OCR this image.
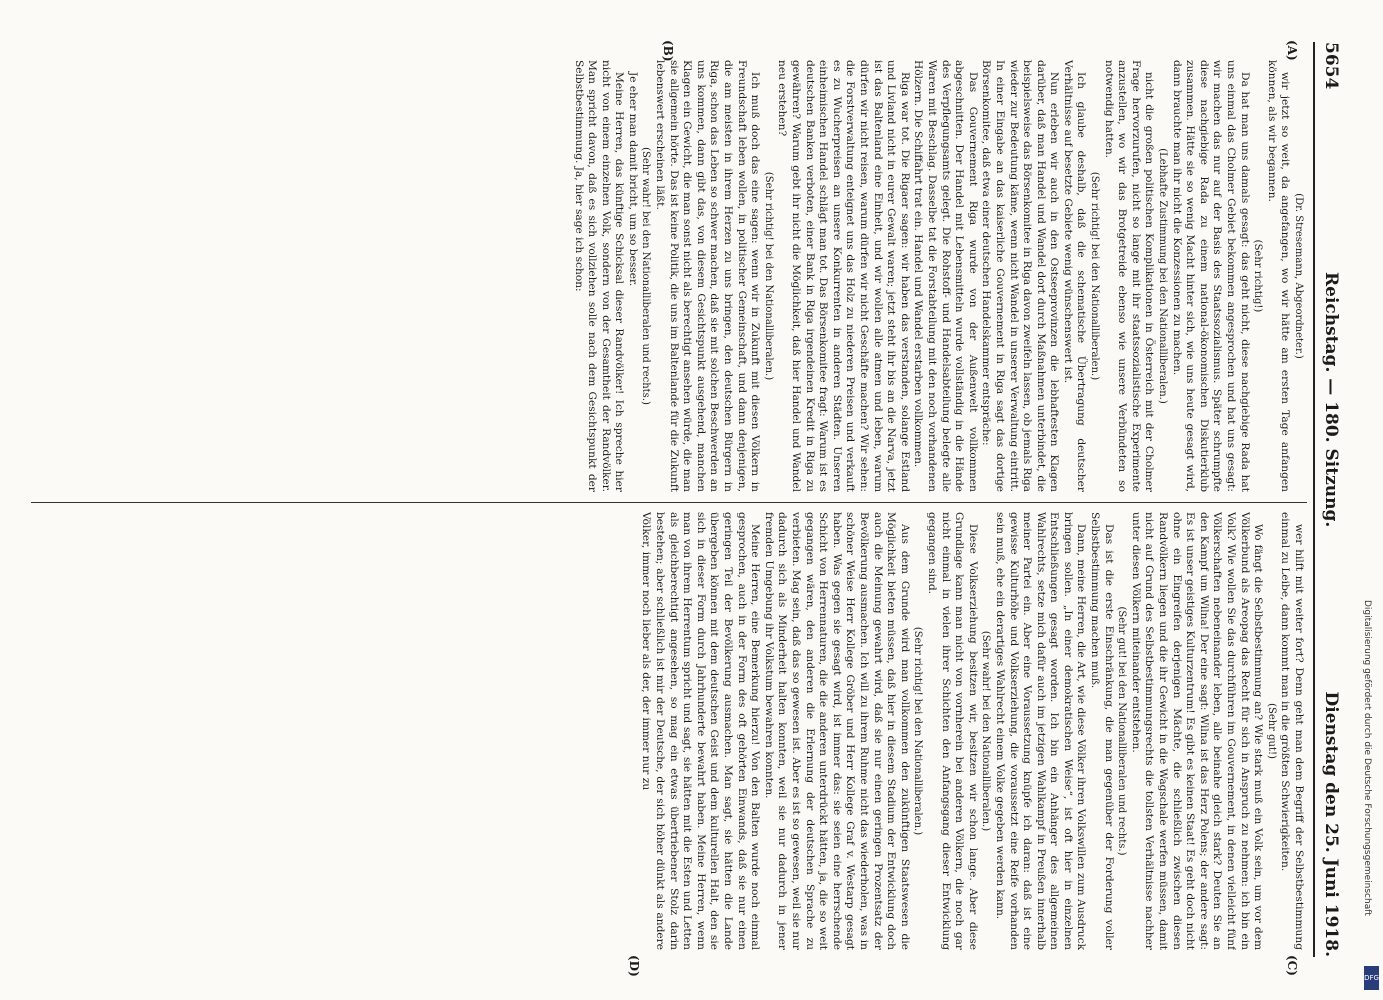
5654
Reichstag. — 180. Sitzung.
Dienstag den 25. Juni 1918.
(A)
(B)
(C)
(D)

(Dr. Stresemann, Abgeordneter.)

wir jetzt so weit, da angefangen, wo wir hätte am ersten Tage anfangen können, als wir begannen.

(Sehr richtig!)

Da hat man uns damals gesagt: das geht nicht, diese nachgiebige Rada hat uns einmal das Cholmer Gebiet bekommen angesprochen und hat uns gesagt: wir machen das nur auf der Basis des Staatssozialismus. Später schrumpfte diese nachgiebige Rada zu einem national-ökonomischen Diskutierklub zusammen. Hätte sie so wenig Macht hinter sich, wie uns heute gesagt wird, dann brauchte man ihr nicht die Konzessionen zu machen.

(Lebhafte Zustimmung bei den Nationalliberalen.)

nicht die großen politischen Komplikationen in Österreich mit der Cholmer Frage hervorzurufen, nicht so lange mit ihr staatssozialistische Experimente anzustellen, wo wir das Brotgetreide ebenso wie unsere Verbündeten so notwendig hatten.

(Sehr richtig! bei den Nationalliberalen.)

Ich glaube deshalb, daß die schematische Übertragung deutscher Verhältnisse auf besetzte Gebiete wenig wünschenswert ist.

Nun erleben wir auch in den Ostseeprovinzen die lebhaftesten Klagen darüber, daß man Handel und Wandel dort durch Maßnahmen unterbindet, die beispielsweise das Börsenkomitee in Riga davon zweifeln lassen, ob jemals Riga wieder zur Bedeutung käme, wenn nicht Wandel in unserer Verwaltung eintritt. In einer Eingabe an das kaiserliche Gouvernement in Riga sagt das dortige Börsenkomitee, daß etwa einer deutschen Handelskammer entspräche:

Das Gouvernement Riga wurde von der Außenwelt vollkommen abgeschnitten. Der Handel mit Lebensmitteln wurde vollständig in die Hände des Verpflegungsamts gelegt. Die Rohstoff- und Handelsabteilung belegte alle Waren mit Beschlag. Dasselbe tat die Forstabteilung mit den noch vorhandenen Hölzern. Die Schiffahrt trat ein. Handel und Wandel erstarben vollkommen.

Riga war tot. Die Rigaer sagen: wir haben das verstanden, solange Estland und Livland nicht in eurer Gewalt waren; jetzt steht ihr bis an die Narva, jetzt ist das Baltenland eine Einheit, und wir wollen alle atmen und leben, warum dürfen wir nicht reisen, warum dürfen wir nicht Geschäfte machen? Wir sehen: die Forstverwaltung enteignet uns das Holz zu niederen Preisen und verkauft es zu Wucherpreisen an unsere Konkurrenten in anderen Städten. Unseren einheimischen Handel schlägt man tot. Das Börsenkomitee fragt: Warum ist es deutschen Banken verboten, einer Bank in Riga irgendeinen Kredit in Riga zu gewähren? Warum gebt ihr nicht die Möglichkeit, daß hier Handel und Wandel neu erstehen?

(Sehr richtig! bei den Nationalliberalen.)

Ich muß doch das eine sagen: wenn wir in Zukunft mit diesen Völkern in Freundschaft leben wollen, in politischer Gemeinschaft, und dann denjenigen, die am meisten in ihrem Herzen zu uns bringen, den deutschen Bürgern in Riga, schon das Leben so schwer machen, daß sie mit solchen Beschwerden an uns kommen, dann gibt das, von diesem Gesichtspunkt ausgehend, manchen Klagen ein Gewicht, die man sonst nicht als berechtigt ansehen würde, die man sie allgemein hörte. Das ist keine Politik, die uns im Baltenlande für die Zukunft lebenswert erscheinen läßt.

(Sehr wahr! bei den Nationalliberalen und rechts.)

Je eher man damit bricht, um so besser.

Meine Herren, das künftige Schicksal dieser Randvölker! Ich spreche hier nicht von einem einzelnen Volk, sondern von der Gesamtheit der Randvölker. Man spricht davon, daß es sich vollziehen solle nach dem Gesichtspunkt der Selbstbestimmung. Ja, hier sage ich schon:

wer hilft mit weiter fort? Denn geht man dem Begriff der Selbstbestimmung einmal zu Leibe, dann kommt man in die größten Schwierigkeiten.

(Sehr gut!)

Wo fängt die Selbstbestimmung an? Wie stark muß ein Volk sein, um vor dem Völkerbund als Areopag das Recht für sich in Anspruch zu nehmen: ich bin ein Volk? Wie wollen Sie das durchführen im Gouvernement, in denen vielleicht fünf Völkerschaften nebeneinander leben, alle beinahe gleich stark? Deuten Sie an den Kampf um Wilna! Der eine sagt: Wilna ist das Herz Polens; der andere sagt: Es ist unser geistiges Kulturzentrum! Es gibt es keinen Staat! Es geht doch nicht ohne ein Eingreifen derjenigen Mächte, die schließlich zwischen diesen Randvölkern liegen und die ihr Gewicht in die Wagschale werfen müssen, damit nicht auf Grund des Selbstbestimmungsrechts die tollsten Verhältnisse nachher unter diesen Völkern miteinander entstehen.

(Sehr gut! bei den Nationalliberalen und rechts.)

Das ist die erste Einschränkung, die man gegenüber der Forderung voller Selbstbestimmung machen muß.

Dann, meine Herren, die Art, wie diese Völker ihren Volkswillen zum Ausdruck bringen sollen. „In einer demokratischen Weise“, ist oft hier in einzelnen Entschließungen gesagt worden. Ich bin ein Anhänger des allgemeinen Wahlrechts, setze mich dafür auch im jetzigen Wahlkampf in Preußen innerhalb meiner Partei ein. Aber eine Voraussetzung knüpfe ich daran: daß ist eine gewisse Kulturhöhe und Volkserziehung, die voraussetzt eine Reife vorhanden sein muß, ehe ein derartiges Wahlrecht einem Volke gegeben werden kann.

(Sehr wahr! bei den Nationalliberalen.)

Diese Volkserziehung besitzen wir, besitzen wir schon lange. Aber diese Grundlage kann man nicht von vornherein bei anderen Völkern, die noch gar nicht einmal in vielen ihrer Schichten den Anfangsgang dieser Entwicklung gegangen sind.

(Sehr richtig! bei den Nationalliberalen.)

Aus dem Grunde wird man vollkommen den zukünftigen Staatswesen die Möglichkeit bieten müssen, daß hier in diesem Stadium der Entwicklung doch auch die Meinung gewahrt wird, daß sie nur einen geringen Prozentsatz der Bevölkerung ausmachen. Ich will zu ihrem Ruhme nicht das wiederholen, was in schöner Weise Herr Kollege Gröber und Herr Kollege Graf v. Westarp gesagt haben. Was gegen sie gesagt wird, ist immer das: sie seien eine herrschende Schicht von Herrennaturen, die die anderen unterdrückt hätten, ja, die so weit gegangen wären, den anderen die Erlernung der deutschen Sprache zu verbieten. Mag sein, daß das so gewesen ist. Aber es ist so gewesen, weil sie nur dadurch sich als Minderheit halten konnten, weil sie nur dadurch in jener fremden Umgebung ihr Volkstum bewahren konnten.

Meine Herren, eine Bemerkung hierzu! Von den Balten wurde noch einmal gesprochen, auch in der Form des oft gehörten Einwands, daß sie nur einen geringen Teil der Bevölkerung ausmachen. Man sagt, sie hätten die Lande übergeben können mit dem deutschen Geist und dem kulturellen Halt, den sie sich in dieser Form durch Jahrhunderte bewahrt haben. Meine Herren, wenn man von ihrem Herrentum spricht und sagt, sie hätten mit die Esten und Letten als gleichberechtigt angesehen, so mag ein etwas übertriebener Stolz darin bestehen; aber schließlich ist mir der Deutsche, der sich höher dünkt als andere Völker, immer noch lieber als der, der immer nur zu	Digitalisierung gefördert durch die Deutsche Forschungsgemeinschaft
DFG
